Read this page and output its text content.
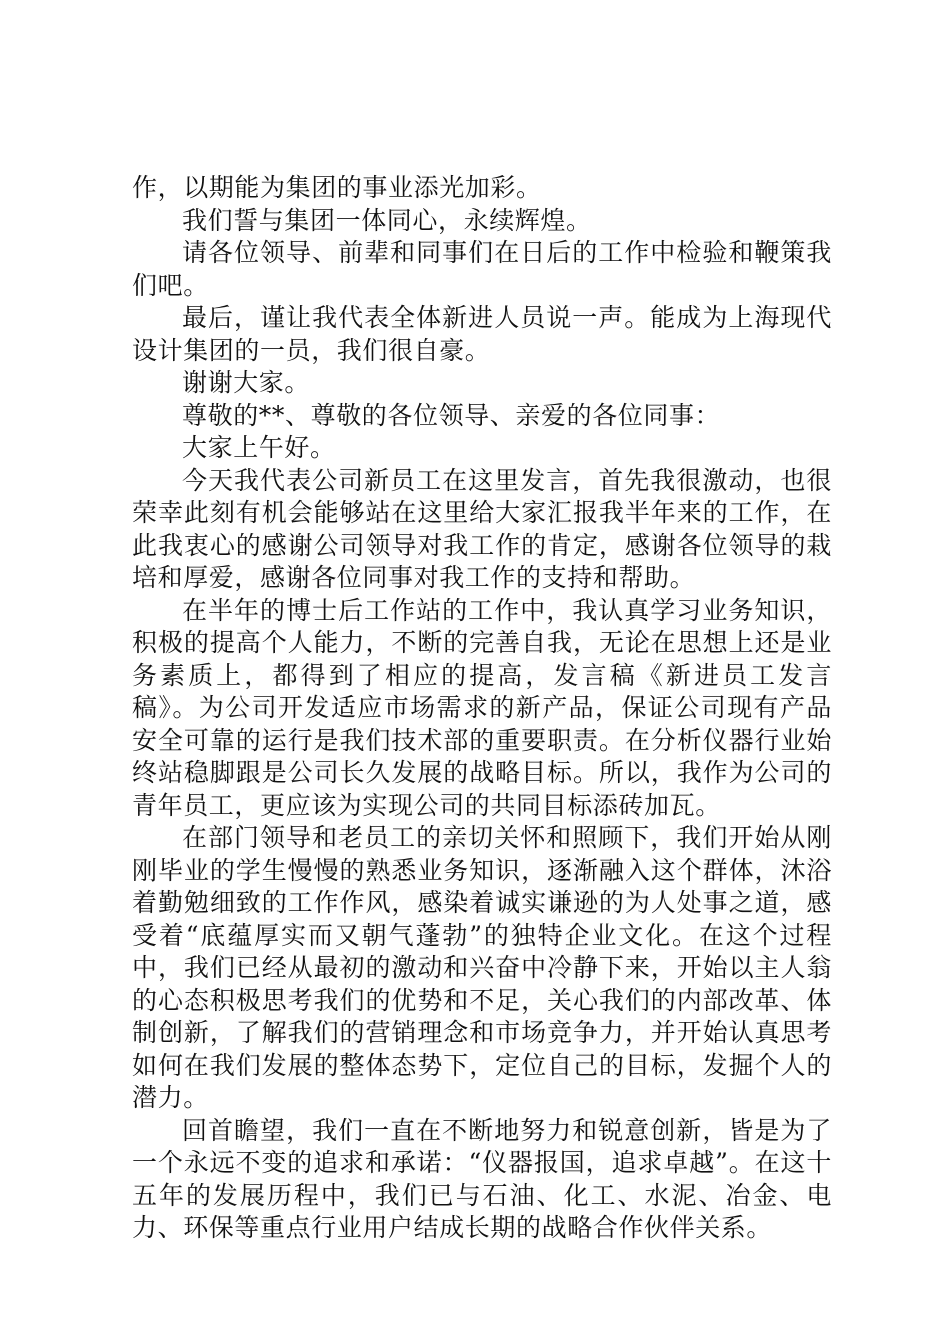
作，以期能为集团的事业添光加彩。

我们誓与集团一体同心，永续辉煌。

请各位领导、前辈和同事们在日后的工作中检验和鞭策我们吧。

最后，谨让我代表全体新进人员说一声。能成为上海现代设计集团的一员，我们很自豪。

谢谢大家。

尊敬的**、尊敬的各位领导、亲爱的各位同事：

大家上午好。

今天我代表公司新员工在这里发言，首先我很激动，也很荣幸此刻有机会能够站在这里给大家汇报我半年来的工作，在此我衷心的感谢公司领导对我工作的肯定，感谢各位领导的栽培和厚爱，感谢各位同事对我工作的支持和帮助。

在半年的博士后工作站的工作中，我认真学习业务知识，积极的提高个人能力，不断的完善自我，无论在思想上还是业务素质上，都得到了相应的提高，发言稿《新进员工发言稿》。为公司开发适应市场需求的新产品，保证公司现有产品安全可靠的运行是我们技术部的重要职责。在分析仪器行业始终站稳脚跟是公司长久发展的战略目标。所以，我作为公司的青年员工，更应该为实现公司的共同目标添砖加瓦。

在部门领导和老员工的亲切关怀和照顾下，我们开始从刚刚毕业的学生慢慢的熟悉业务知识，逐渐融入这个群体，沐浴着勤勉细致的工作作风，感染着诚实谦逊的为人处事之道，感受着“底蕴厚实而又朝气蓬勃”的独特企业文化。在这个过程中，我们已经从最初的激动和兴奋中冷静下来，开始以主人翁的心态积极思考我们的优势和不足，关心我们的内部改革、体制创新，了解我们的营销理念和市场竞争力，并开始认真思考如何在我们发展的整体态势下，定位自己的目标，发掘个人的潜力。

回首瞻望，我们一直在不断地努力和锐意创新，皆是为了一个永远不变的追求和承诺：“仪器报国，追求卓越”。在这十五年的发展历程中，我们已与石油、化工、水泥、冶金、电力、环保等重点行业用户结成长期的战略合作伙伴关系。
